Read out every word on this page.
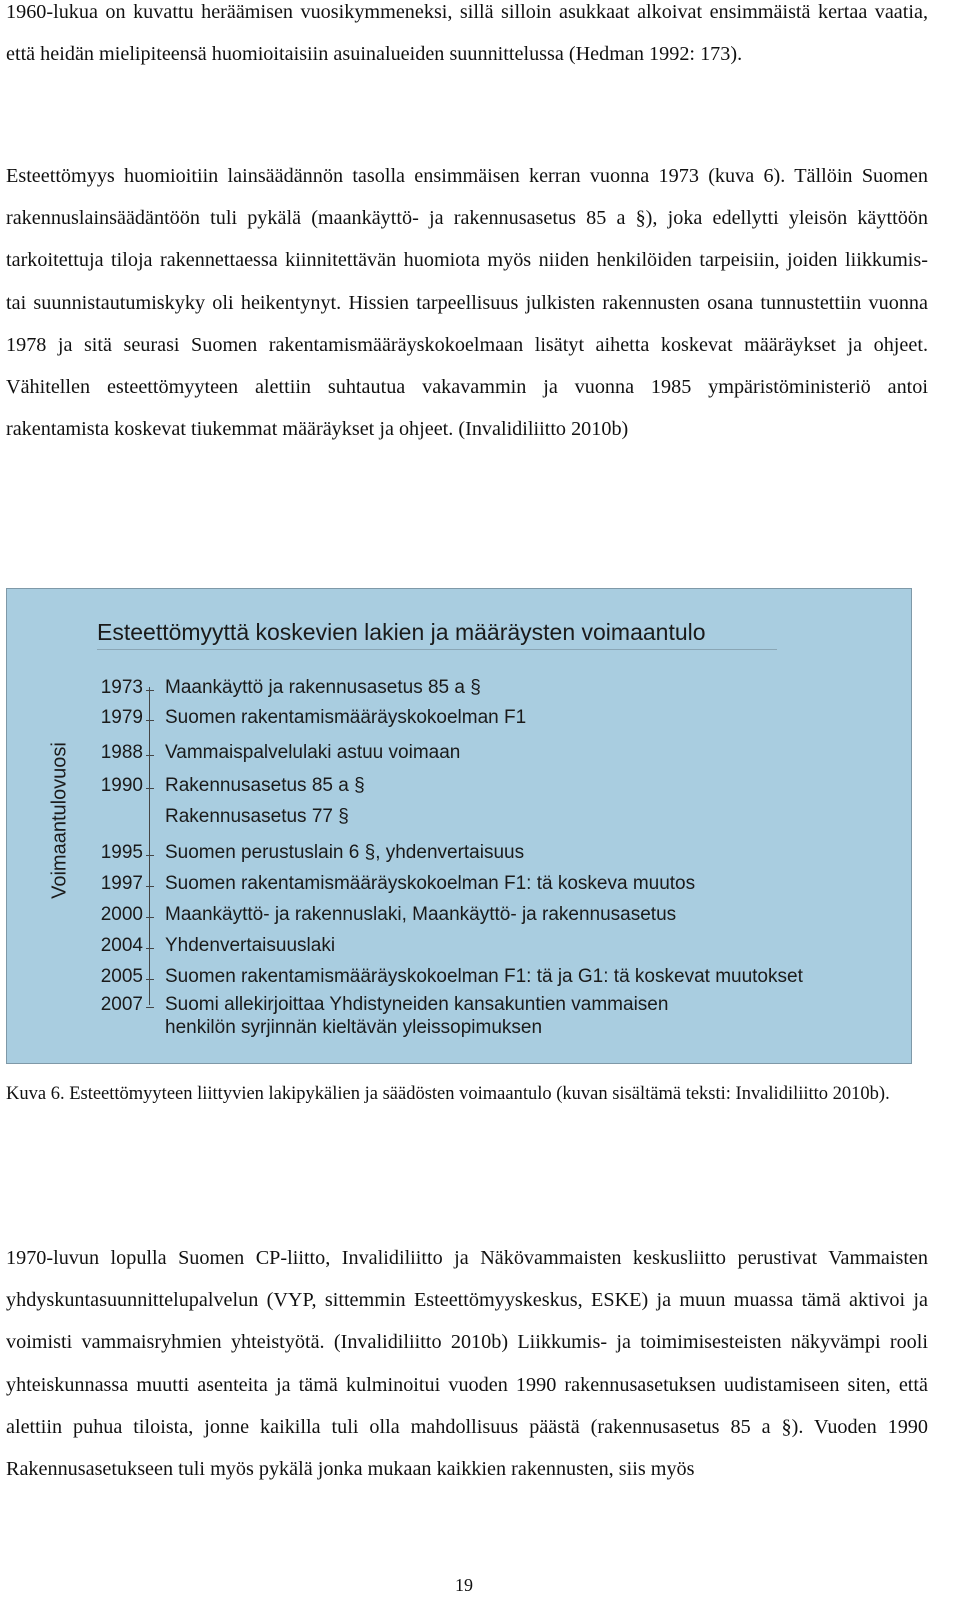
1960-lukua on kuvattu heräämisen vuosikymmeneksi, sillä silloin asukkaat alkoivat ensimmäistä kertaa vaatia, että heidän mielipiteensä huomioitaisiin asuinalueiden suunnittelussa (Hedman 1992: 173).

Esteettömyys huomioitiin lainsäädännön tasolla ensimmäisen kerran vuonna 1973 (kuva 6). Tällöin Suomen rakennuslainsäädäntöön tuli pykälä (maankäyttö- ja rakennusasetus 85 a §), joka edellytti yleisön käyttöön tarkoitettuja tiloja rakennettaessa kiinnitettävän huomiota myös niiden henkilöiden tarpeisiin, joiden liikkumis- tai suunnistautumiskyky oli heikentynyt. Hissien tarpeellisuus julkisten rakennusten osana tunnustettiin vuonna 1978 ja sitä seurasi Suomen rakentamismääräyskokoelmaan lisätyt aihetta koskevat määräykset ja ohjeet. Vähitellen esteettömyyteen alettiin suhtautua vakavammin ja vuonna 1985 ympäristöministeriö antoi rakentamista koskevat tiukemmat määräykset ja ohjeet. (Invalidiliitto 2010b)

Esteettömyyttä koskevien lakien ja määräysten voimaantulo
Voimaantulovuosi
1973 Maankäyttö ja rakennusasetus 85 a §
1979 Suomen rakentamismääräyskokoelman F1
1988 Vammaispalvelulaki astuu voimaan
1990 Rakennusasetus 85 a §
Rakennusasetus 77 §
1995 Suomen perustuslain 6 §, yhdenvertaisuus
1997 Suomen rakentamismääräyskokoelman F1: tä koskeva muutos
2000 Maankäyttö- ja rakennuslaki, Maankäyttö- ja rakennusasetus
2004 Yhdenvertaisuuslaki
2005 Suomen rakentamismääräyskokoelman F1: tä ja G1: tä koskevat muutokset
2007 Suomi allekirjoittaa Yhdistyneiden kansakuntien vammaisen
henkilön syrjinnän kieltävän yleissopimuksen

Kuva 6. Esteettömyyteen liittyvien lakipykälien ja säädösten voimaantulo (kuvan sisältämä teksti: Invalidiliitto 2010b).

1970-luvun lopulla Suomen CP-liitto, Invalidiliitto ja Näkövammaisten keskusliitto perustivat Vammaisten yhdyskuntasuunnittelupalvelun (VYP, sittemmin Esteettömyyskeskus, ESKE) ja muun muassa tämä aktivoi ja voimisti vammaisryhmien yhteistyötä. (Invalidiliitto 2010b) Liikkumis- ja toimimisesteisten näkyvämpi rooli yhteiskunnassa muutti asenteita ja tämä kulminoitui vuoden 1990 rakennusasetuksen uudistamiseen siten, että alettiin puhua tiloista, jonne kaikilla tuli olla mahdollisuus päästä (rakennusasetus 85 a §). Vuoden 1990 Rakennusasetukseen tuli myös pykälä jonka mukaan kaikkien rakennusten, siis myös

19
